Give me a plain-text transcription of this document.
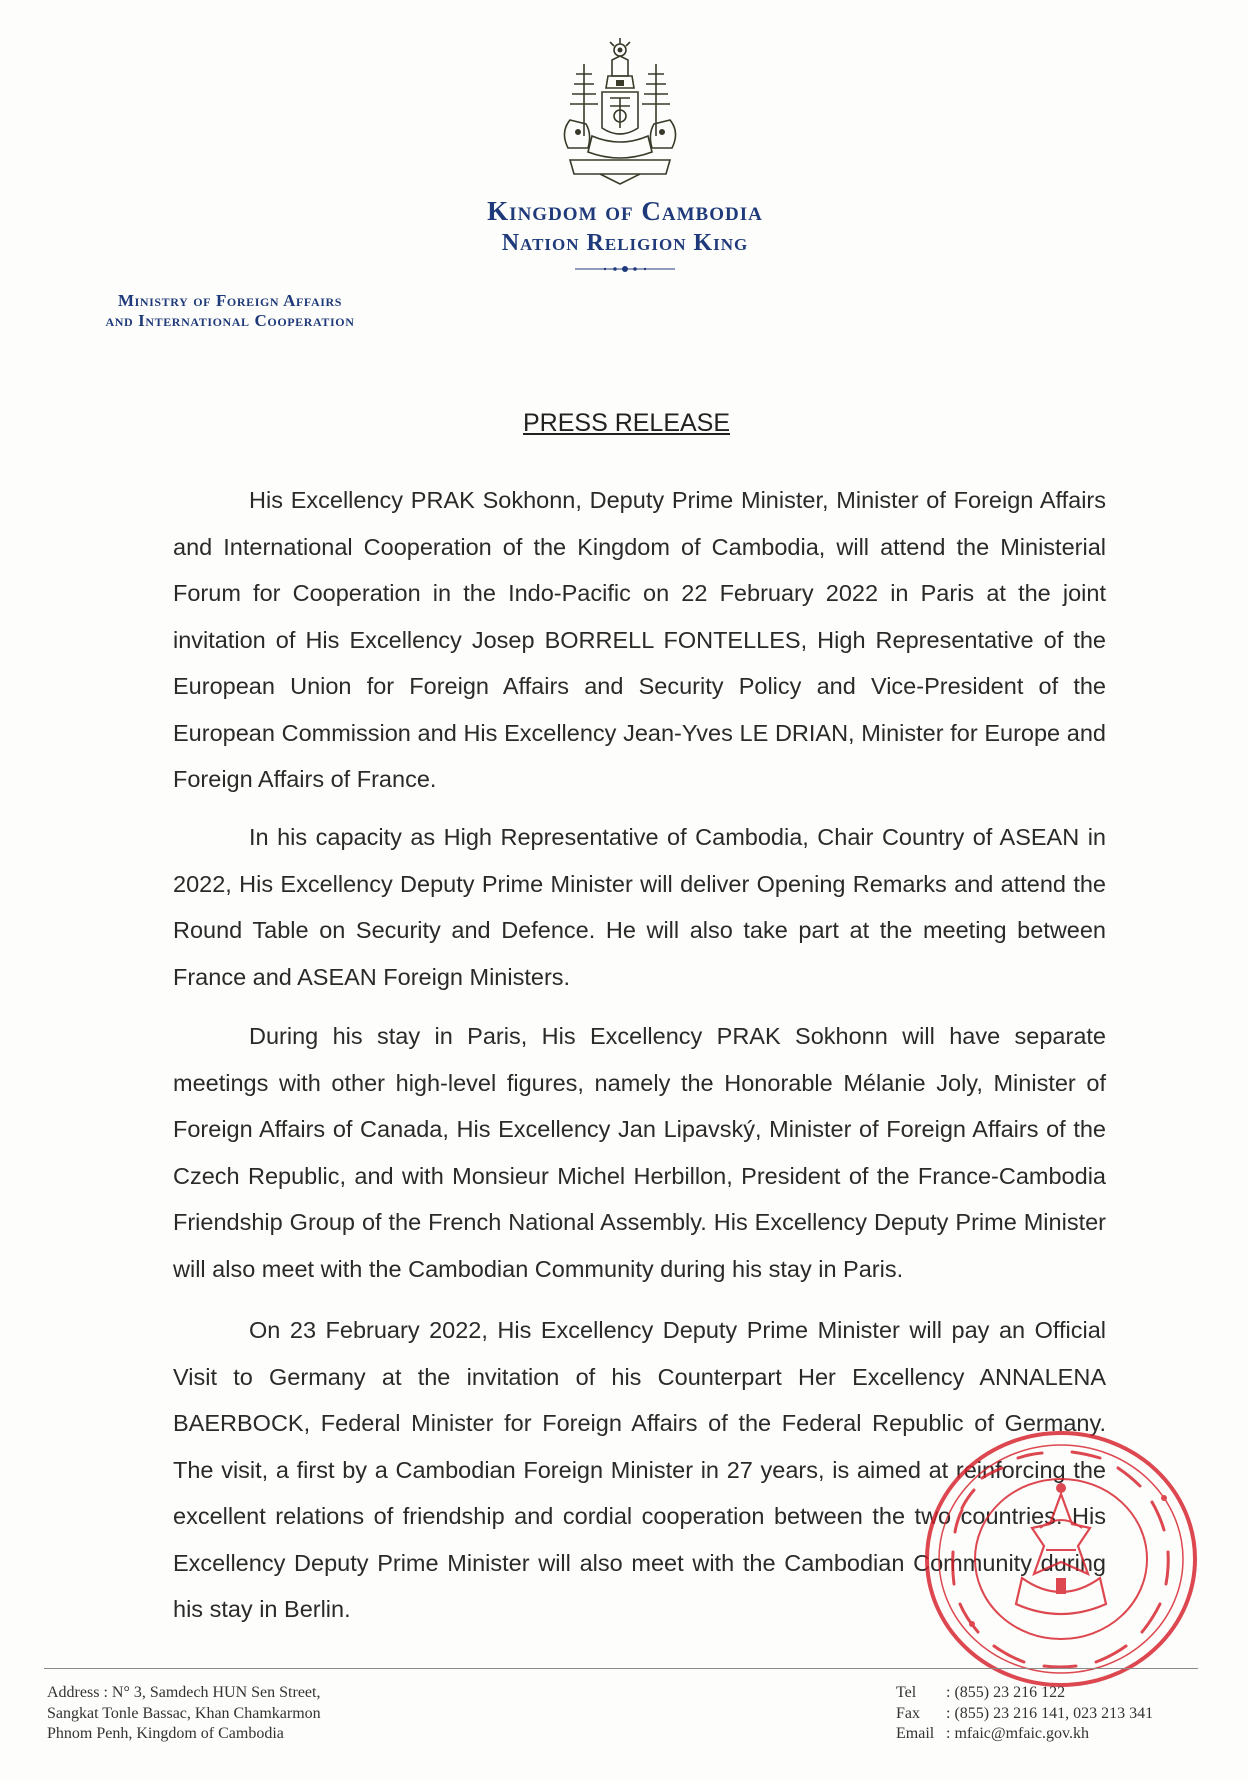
Kingdom of Cambodia
Nation Religion King
Ministry of Foreign Affairs
and International Cooperation
PRESS RELEASE

His Excellency PRAK Sokhonn, Deputy Prime Minister, Minister of Foreign Affairs and International Cooperation of the Kingdom of Cambodia, will attend the Ministerial Forum for Cooperation in the Indo-Pacific on 22 February 2022 in Paris at the joint invitation of His Excellency Josep BORRELL FONTELLES, High Representative of the European Union for Foreign Affairs and Security Policy and Vice-President of the European Commission and His Excellency Jean-Yves LE DRIAN, Minister for Europe and Foreign Affairs of France.

In his capacity as High Representative of Cambodia, Chair Country of ASEAN in 2022, His Excellency Deputy Prime Minister will deliver Opening Remarks and attend the Round Table on Security and Defence. He will also take part at the meeting between France and ASEAN Foreign Ministers.

During his stay in Paris, His Excellency PRAK Sokhonn will have separate meetings with other high-level figures, namely the Honorable Mélanie Joly, Minister of Foreign Affairs of Canada, His Excellency Jan Lipavský, Minister of Foreign Affairs of the Czech Republic, and with Monsieur Michel Herbillon, President of the France-Cambodia Friendship Group of the French National Assembly. His Excellency Deputy Prime Minister will also meet with the Cambodian Community during his stay in Paris.

On 23 February 2022, His Excellency Deputy Prime Minister will pay an Official Visit to Germany at the invitation of his Counterpart Her Excellency ANNALENA BAERBOCK, Federal Minister for Foreign Affairs of the Federal Republic of Germany. The visit, a first by a Cambodian Foreign Minister in 27 years, is aimed at reinforcing the excellent relations of friendship and cordial cooperation between the two countries. His Excellency Deputy Prime Minister will also meet with the Cambodian Community during his stay in Berlin.

Address : N° 3, Samdech HUN Sen Street,
Sangkat Tonle Bassac, Khan Chamkarmon
Phnom Penh, Kingdom of Cambodia
Tel : (855) 23 216 122
Fax : (855) 23 216 141, 023 213 341
Email : mfaic@mfaic.gov.kh
